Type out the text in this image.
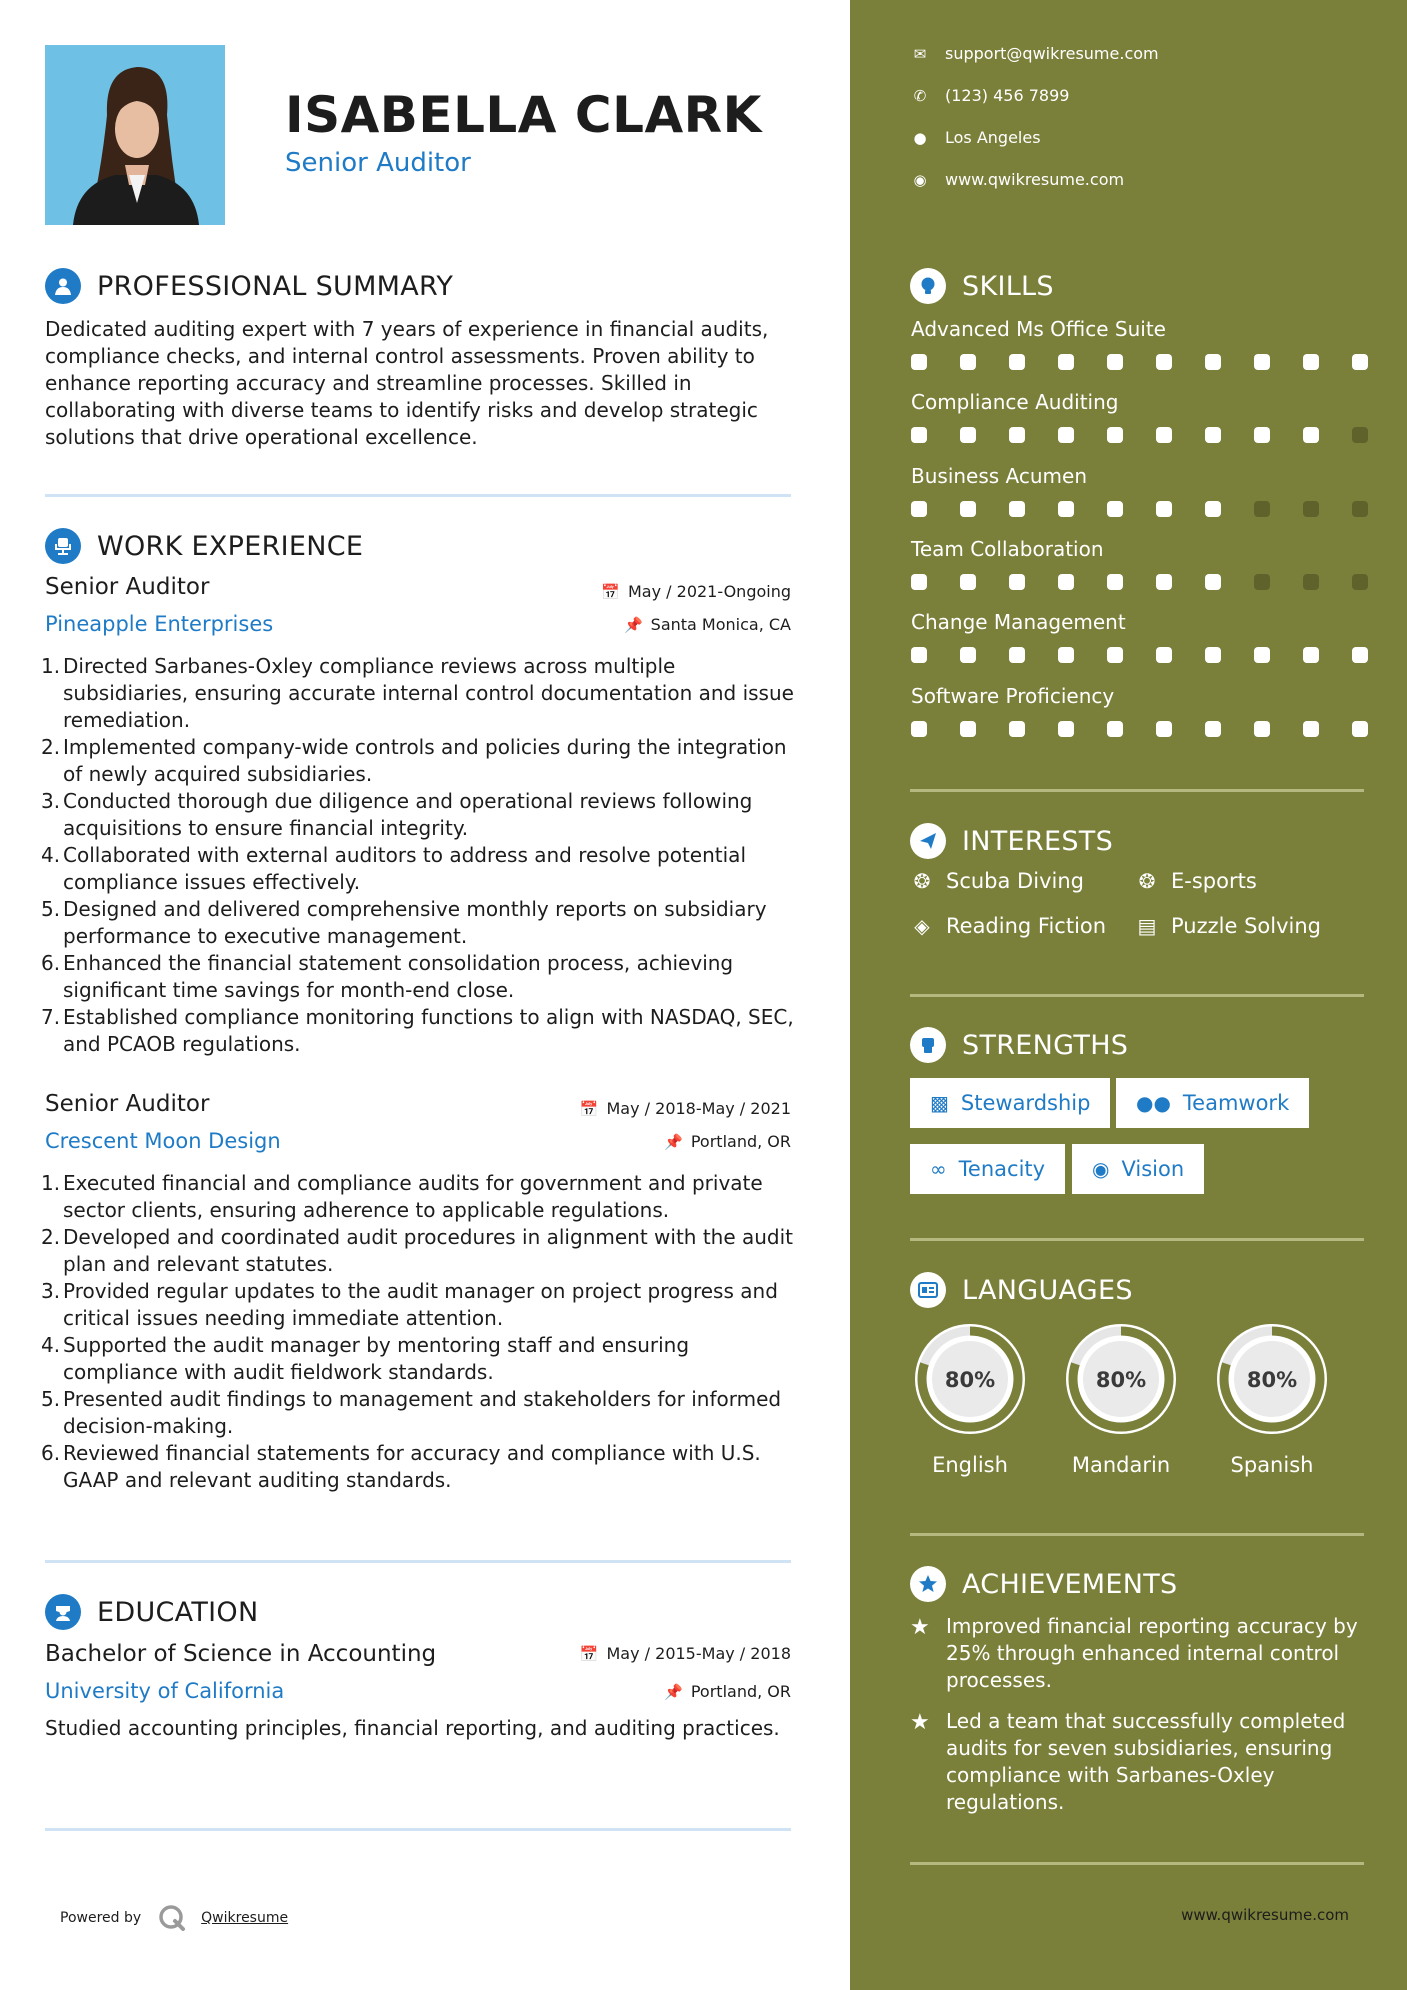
ISABELLA CLARK
Senior Auditor
PROFESSIONAL SUMMARY
Dedicated auditing expert with 7 years of experience in financial audits, compliance checks, and internal control assessments. Proven ability to enhance reporting accuracy and streamline processes. Skilled in collaborating with diverse teams to identify risks and develop strategic solutions that drive operational excellence.
WORK EXPERIENCE
Senior Auditor	📅 May / 2021-Ongoing
Pineapple Enterprises	📌 Santa Monica, CA
1. Directed Sarbanes-Oxley compliance reviews across multiple subsidiaries, ensuring accurate internal control documentation and issue remediation.
2. Implemented company-wide controls and policies during the integration of newly acquired subsidiaries.
3. Conducted thorough due diligence and operational reviews following acquisitions to ensure financial integrity.
4. Collaborated with external auditors to address and resolve potential compliance issues effectively.
5. Designed and delivered comprehensive monthly reports on subsidiary performance to executive management.
6. Enhanced the financial statement consolidation process, achieving significant time savings for month-end close.
7. Established compliance monitoring functions to align with NASDAQ, SEC, and PCAOB regulations.
Senior Auditor	📅 May / 2018-May / 2021
Crescent Moon Design	📌 Portland, OR
1. Executed financial and compliance audits for government and private sector clients, ensuring adherence to applicable regulations.
2. Developed and coordinated audit procedures in alignment with the audit plan and relevant statutes.
3. Provided regular updates to the audit manager on project progress and critical issues needing immediate attention.
4. Supported the audit manager by mentoring staff and ensuring compliance with audit fieldwork standards.
5. Presented audit findings to management and stakeholders for informed decision-making.
6. Reviewed financial statements for accuracy and compliance with U.S. GAAP and relevant auditing standards.
EDUCATION
Bachelor of Science in Accounting	📅 May / 2015-May / 2018
University of California	📌 Portland, OR
Studied accounting principles, financial reporting, and auditing practices.
Powered by	Qwikresume
✉ support@qwikresume.com
✆ (123) 456 7899
● Los Angeles
◉ www.qwikresume.com
SKILLS
Advanced Ms Office Suite
Compliance Auditing
Business Acumen
Team Collaboration
Change Management
Software Proficiency
INTERESTS
❂ Scuba Diving	❂ E-sports
◈ Reading Fiction ▤ Puzzle Solving
STRENGTHS
▩ Stewardship ●● Teamwork
∞ Tenacity ◉ Vision
LANGUAGES
80%
English
80%
Mandarin
80%
Spanish
ACHIEVEMENTS
★ Improved financial reporting accuracy by 25% through enhanced internal control processes.
★ Led a team that successfully completed audits for seven subsidiaries, ensuring compliance with Sarbanes-Oxley regulations.
www.qwikresume.com
